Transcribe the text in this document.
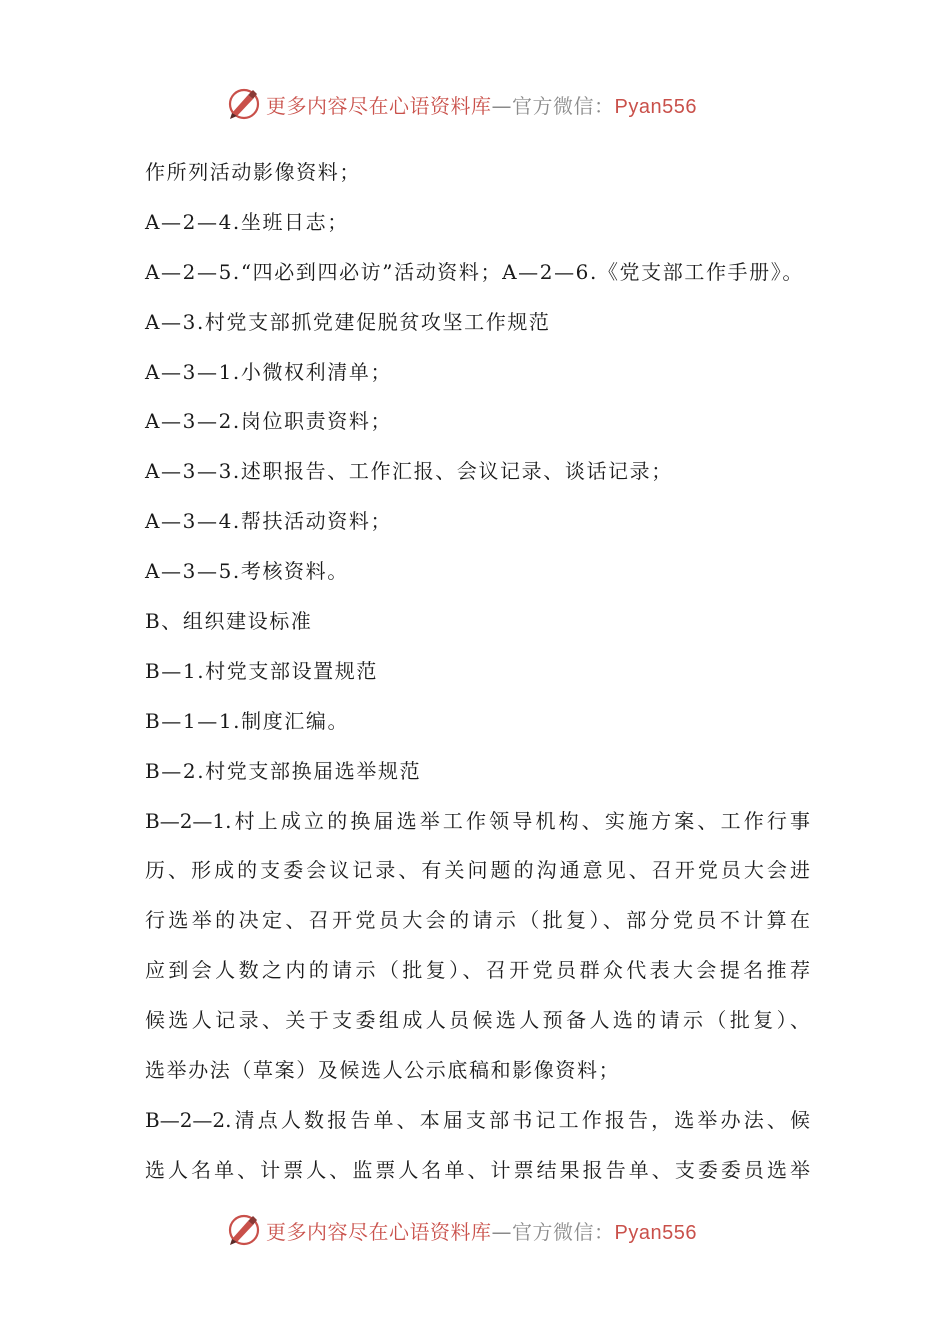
更多内容尽在心语资料库—官方微信：Pyan556
作所列活动影像资料；
A—2—4.坐班日志；
A—2—5.“四必到四必访”活动资料；A—2—6.《党支部工作手册》。
A—3.村党支部抓党建促脱贫攻坚工作规范
A—3—1.小微权利清单；
A—3—2.岗位职责资料；
A—3—3.述职报告、工作汇报、会议记录、谈话记录；
A—3—4.帮扶活动资料；
A—3—5.考核资料。
B、组织建设标准
B—1.村党支部设置规范
B—1—1.制度汇编。
B—2.村党支部换届选举规范
B—2—1.村上成立的换届选举工作领导机构、实施方案、工作行事
历、形成的支委会议记录、有关问题的沟通意见、召开党员大会进
行选举的决定、召开党员大会的请示（批复）、部分党员不计算在
应到会人数之内的请示（批复）、召开党员群众代表大会提名推荐
候选人记录、关于支委组成人员候选人预备人选的请示（批复）、
选举办法（草案）及候选人公示底稿和影像资料；
B—2—2.清点人数报告单、本届支部书记工作报告，选举办法、候
选人名单、计票人、监票人名单、计票结果报告单、支委委员选举
更多内容尽在心语资料库—官方微信：Pyan556
